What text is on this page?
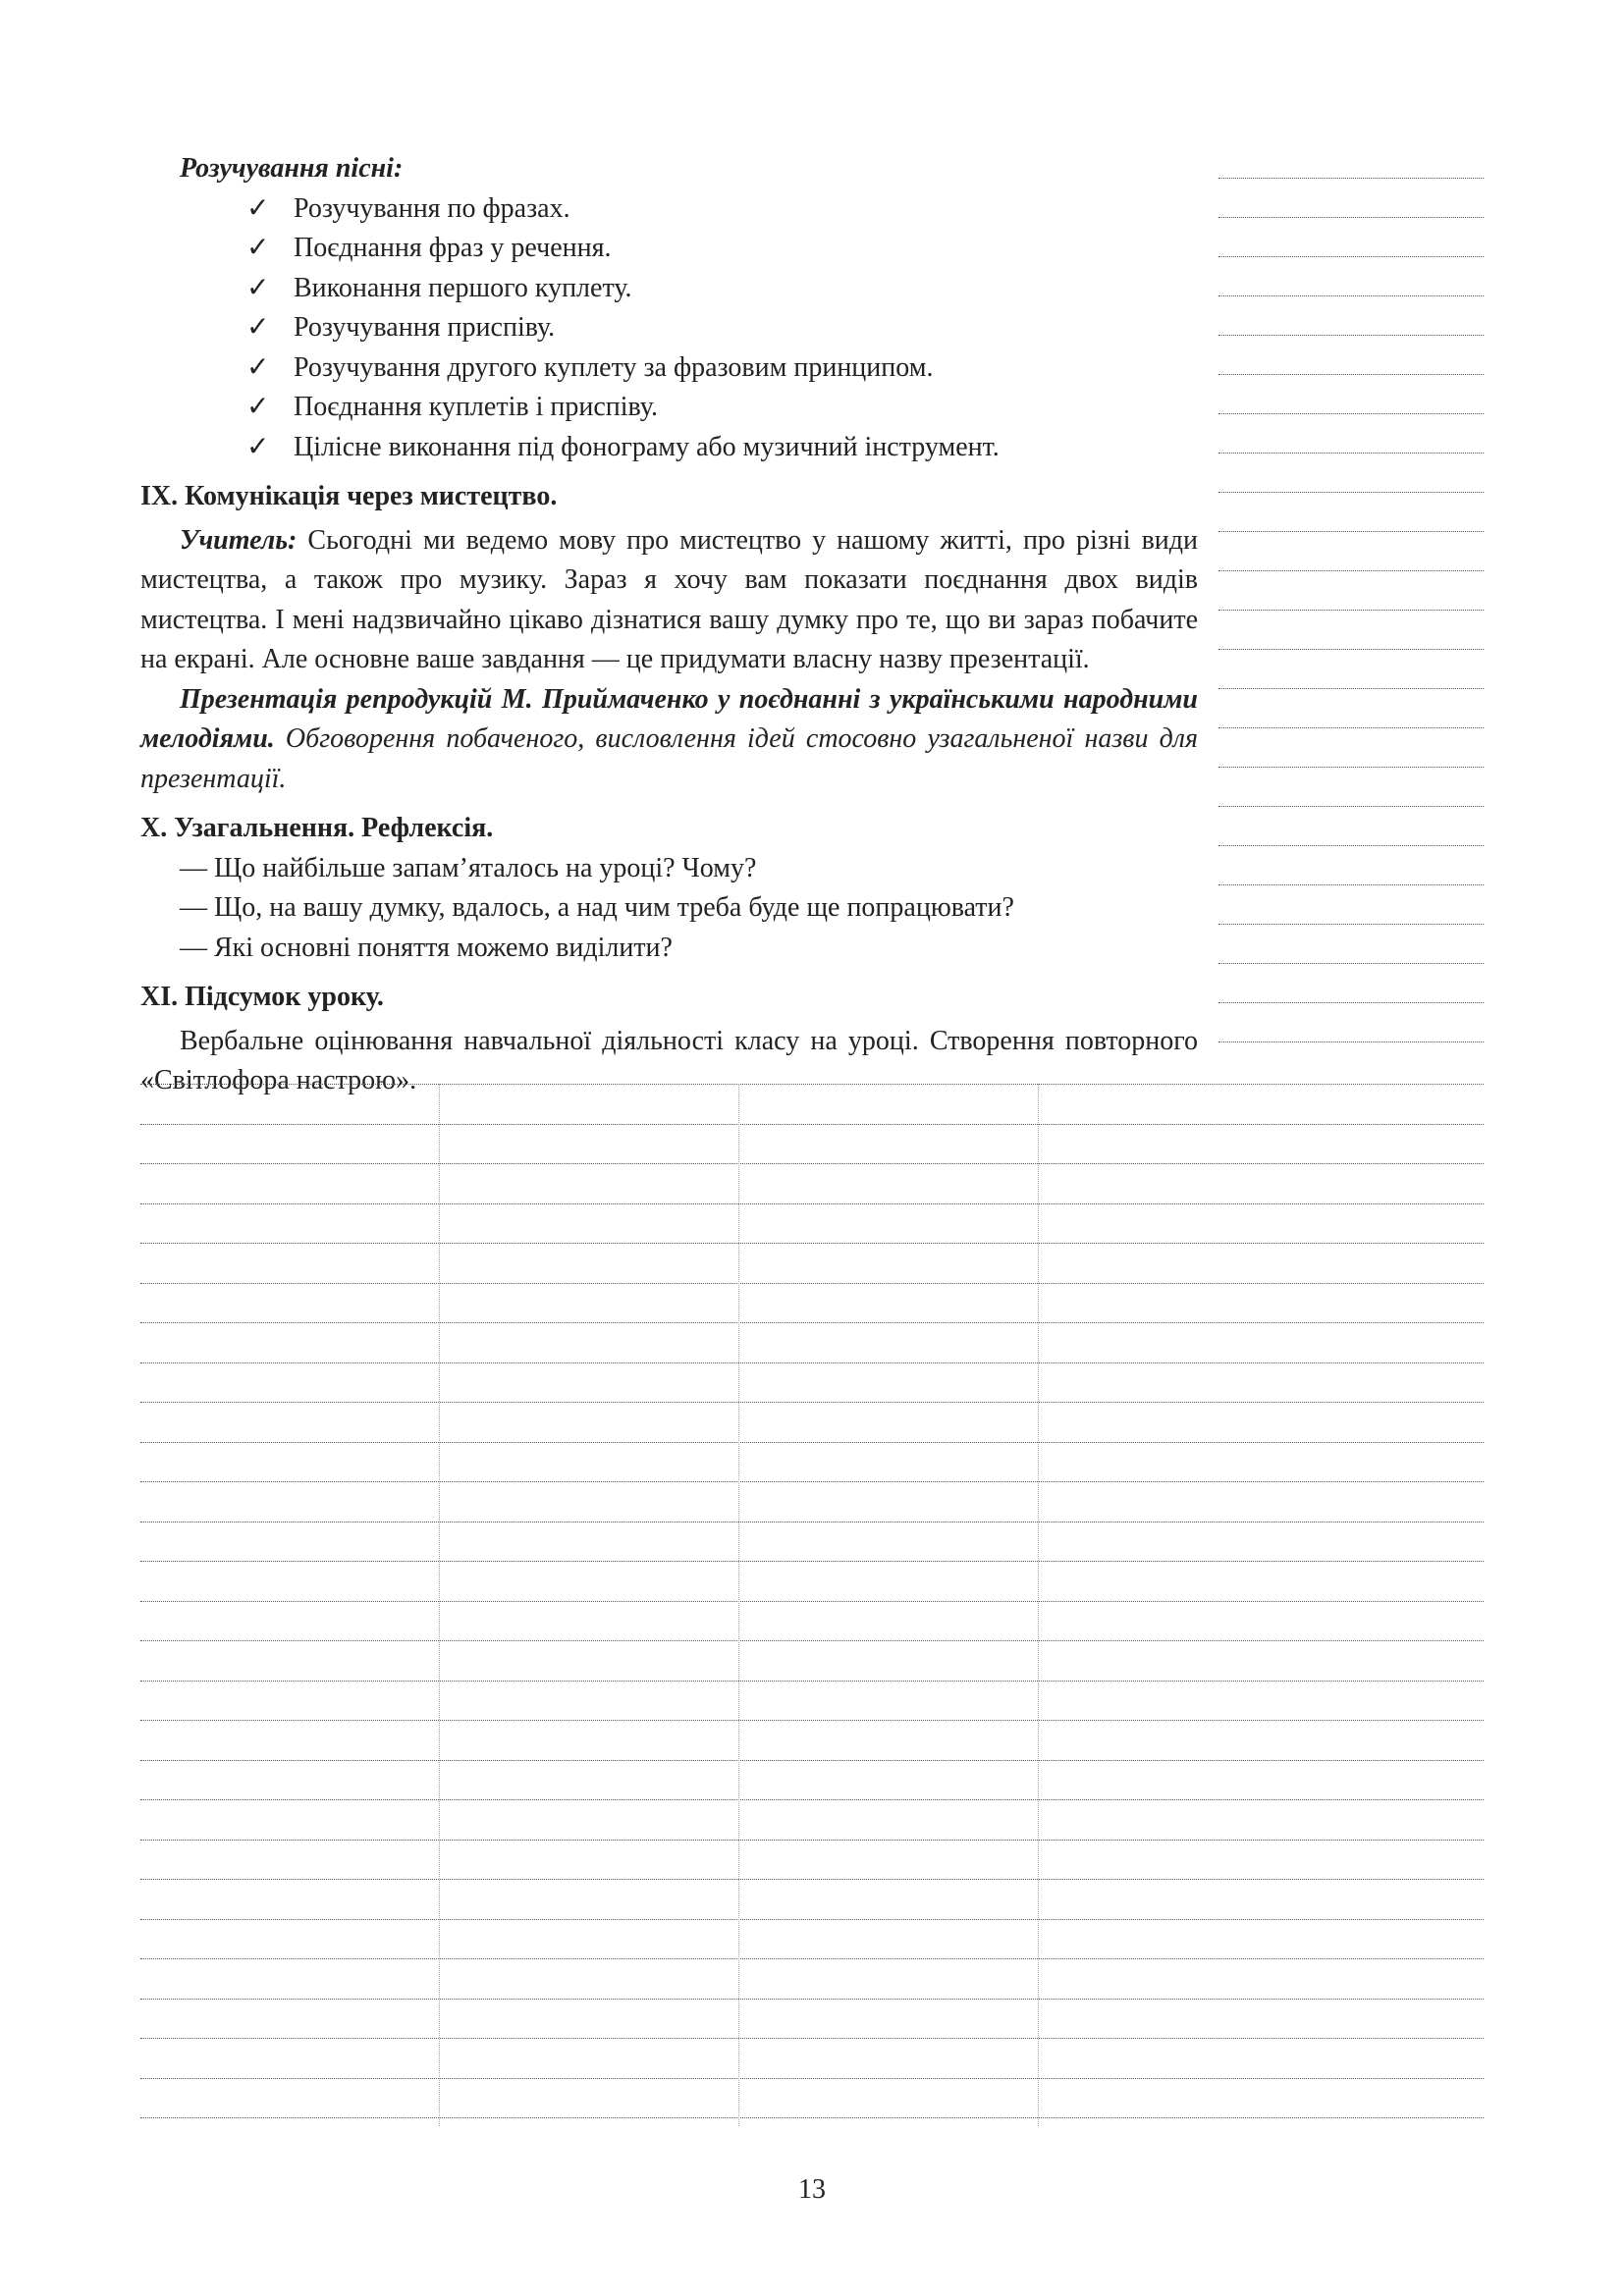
Розучування пісні:
✓ Розучування по фразах.
✓ Поєднання фраз у речення.
✓ Виконання першого куплету.
✓ Розучування приспіву.
✓ Розучування другого куплету за фразовим принципом.
✓ Поєднання куплетів і приспіву.
✓ Цілісне виконання під фонограму або музичний інструмент.
IX. Комунікація через мистецтво.

Учитель: Сьогодні ми ведемо мову про мистецтво у нашому житті, про різні види мистецтва, а також про музику. Зараз я хочу вам показати поєднання двох видів мистецтва. І мені надзвичайно цікаво дізнатися вашу думку про те, що ви зараз побачите на екрані. Але основне ваше завдання — це придумати власну назву презентації.

Презентація репродукцій М. Приймаченко у поєднанні з українськими народними мелодіями. Обговорення побаченого, висловлення ідей стосовно узагальненої назви для презентації.

X. Узагальнення. Рефлексія.
— Що найбільше запам’яталось на уроці? Чому?
— Що, на вашу думку, вдалось, а над чим треба буде ще попрацювати?
— Які основні поняття можемо виділити?
XI. Підсумок уроку.

Вербальне оцінювання навчальної діяльності класу на уроці. Створення повторного «Світлофора настрою».

13
